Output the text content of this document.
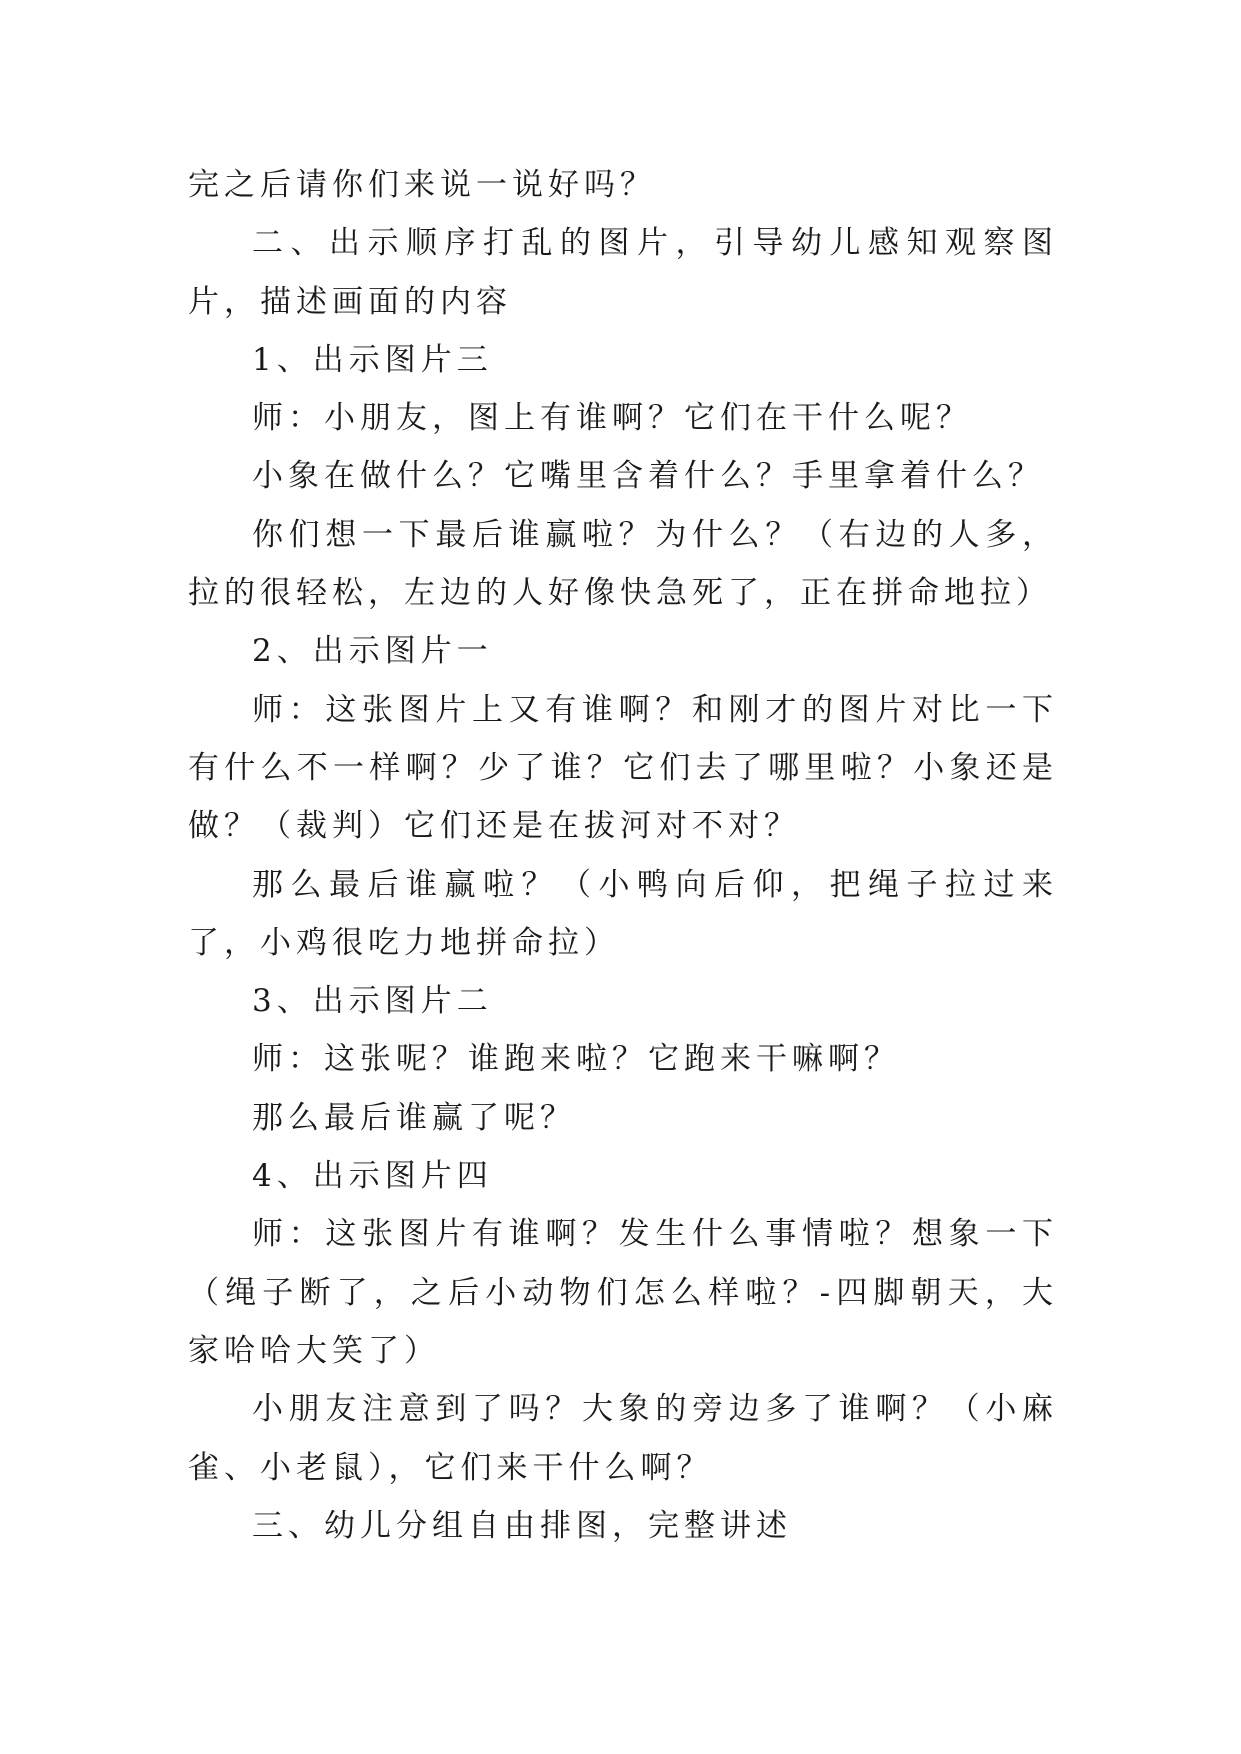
完之后请你们来说一说好吗？

二、出示顺序打乱的图片，引导幼儿感知观察图片，描述画面的内容

1、出示图片三

师：小朋友，图上有谁啊？它们在干什么呢？

小象在做什么？它嘴里含着什么？手里拿着什么？

你们想一下最后谁赢啦？为什么？（右边的人多，拉的很轻松，左边的人好像快急死了，正在拼命地拉）

2、出示图片一

师：这张图片上又有谁啊？和刚才的图片对比一下有什么不一样啊？少了谁？它们去了哪里啦？小象还是做？（裁判）它们还是在拔河对不对？

那么最后谁赢啦？（小鸭向后仰，把绳子拉过来了，小鸡很吃力地拼命拉）

3、出示图片二

师：这张呢？谁跑来啦？它跑来干嘛啊？

那么最后谁赢了呢？

4、出示图片四

师：这张图片有谁啊？发生什么事情啦？想象一下（绳子断了，之后小动物们怎么样啦？-四脚朝天，大家哈哈大笑了）

小朋友注意到了吗？大象的旁边多了谁啊？（小麻雀、小老鼠），它们来干什么啊？

三、幼儿分组自由排图，完整讲述
